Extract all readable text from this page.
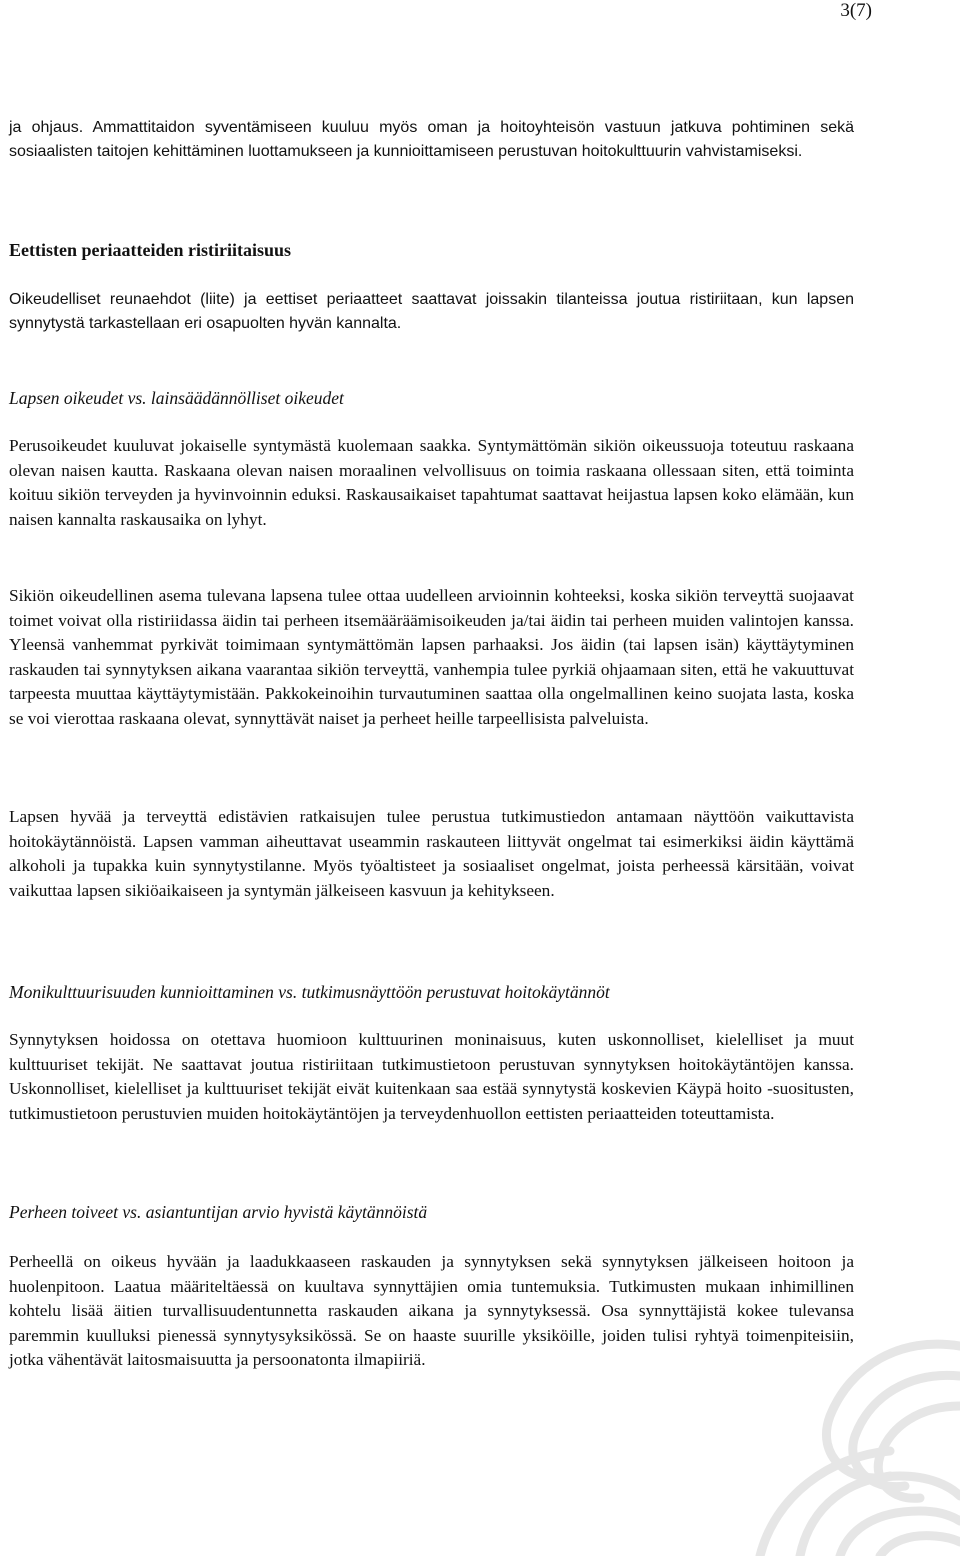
3(7)

ja ohjaus. Ammattitaidon syventämiseen kuuluu myös oman ja hoitoyhteisön vastuun jatkuva pohtiminen sekä sosiaalisten taitojen kehittäminen luottamukseen ja kunnioittamiseen perustuvan hoitokulttuurin vahvistamiseksi.

Eettisten periaatteiden ristiriitaisuus

Oikeudelliset reunaehdot (liite) ja eettiset periaatteet saattavat joissakin tilanteissa joutua ristiriitaan, kun lapsen synnytystä tarkastellaan eri osapuolten hyvän kannalta.

Lapsen oikeudet vs. lainsäädännölliset oikeudet

Perusoikeudet kuuluvat jokaiselle syntymästä kuolemaan saakka. Syntymättömän sikiön oikeussuoja toteutuu raskaana olevan naisen kautta. Raskaana olevan naisen moraalinen velvollisuus on toimia raskaana ollessaan siten, että toiminta koituu sikiön terveyden ja hyvinvoinnin eduksi. Raskausaikaiset tapahtumat saattavat heijastua lapsen koko elämään, kun naisen kannalta raskausaika on lyhyt.

Sikiön oikeudellinen asema tulevana lapsena tulee ottaa uudelleen arvioinnin kohteeksi, koska sikiön terveyttä suojaavat toimet voivat olla ristiriidassa äidin tai perheen itsemääräämisoikeuden ja/tai äidin tai perheen muiden valintojen kanssa. Yleensä vanhemmat pyrkivät toimimaan syntymättömän lapsen parhaaksi. Jos äidin (tai lapsen isän) käyttäytyminen raskauden tai synnytyksen aikana vaarantaa sikiön terveyttä, vanhempia tulee pyrkiä ohjaamaan siten, että he vakuuttuvat tarpeesta muuttaa käyttäytymistään. Pakkokeinoihin turvautuminen saattaa olla ongelmallinen keino suojata lasta, koska se voi vierottaa raskaana olevat, synnyttävät naiset ja perheet heille tarpeellisista palveluista.

Lapsen hyvää ja terveyttä edistävien ratkaisujen tulee perustua tutkimustiedon antamaan näyttöön vaikuttavista hoitokäytännöistä. Lapsen vamman aiheuttavat useammin raskauteen liittyvät ongelmat tai esimerkiksi äidin käyttämä alkoholi ja tupakka kuin synnytystilanne. Myös työaltisteet ja sosiaaliset ongelmat, joista perheessä kärsitään, voivat vaikuttaa lapsen sikiöaikaiseen ja syntymän jälkeiseen kasvuun ja kehitykseen.

Monikulttuurisuuden kunnioittaminen vs. tutkimusnäyttöön perustuvat hoitokäytännöt

Synnytyksen hoidossa on otettava huomioon kulttuurinen moninaisuus, kuten uskonnolliset, kielelliset ja muut kulttuuriset tekijät. Ne saattavat joutua ristiriitaan tutkimustietoon perustuvan synnytyksen hoitokäytäntöjen kanssa. Uskonnolliset, kielelliset ja kulttuuriset tekijät eivät kuitenkaan saa estää synnytystä koskevien Käypä hoito -suositusten, tutkimustietoon perustuvien muiden hoitokäytäntöjen ja terveydenhuollon eettisten periaatteiden toteuttamista.

Perheen toiveet vs. asiantuntijan arvio hyvistä käytännöistä

Perheellä on oikeus hyvään ja laadukkaaseen raskauden ja synnytyksen sekä synnytyksen jälkeiseen hoitoon ja huolenpitoon. Laatua määriteltäessä on kuultava synnyttäjien omia tuntemuksia. Tutkimusten mukaan inhimillinen kohtelu lisää äitien turvallisuudentunnetta raskauden aikana ja synnytyksessä. Osa synnyttäjistä kokee tulevansa paremmin kuulluksi pienessä synnytysyksikössä. Se on haaste suurille yksiköille, joiden tulisi ryhtyä toimenpiteisiin, jotka vähentävät laitosmaisuutta ja persoonatonta ilmapiiriä.
